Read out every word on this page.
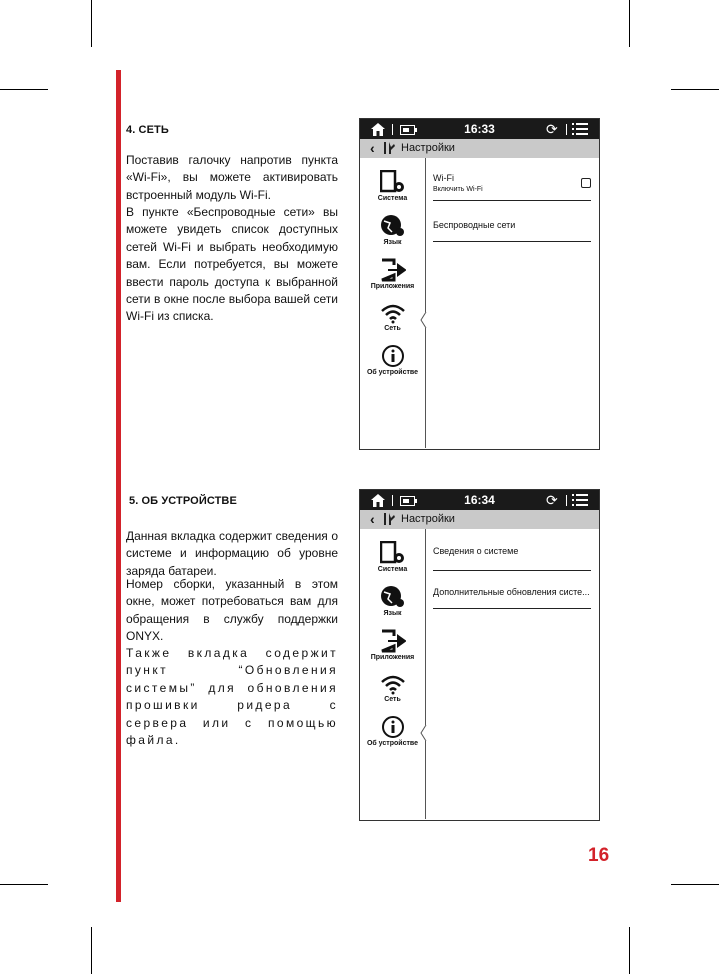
4. СЕТЬ
Поставив галочку напротив пункта «Wi-Fi», вы можете активировать встроенный модуль Wi-Fi.
В пункте «Беспроводные сети» вы можете увидеть список доступных сетей Wi-Fi и выбрать необходимую вам. Если потребуется, вы можете ввести пароль доступа к выбранной сети в окне после выбора вашей сети Wi-Fi из списка.
5. ОБ УСТРОЙСТВЕ
Данная вкладка содержит сведения о системе и информацию об уровне заряда батареи.
Номер сборки, указанный в этом окне, может потребоваться вам для обращения в службу поддержки ONYX.
Также вкладка содержит пункт “Обновления системы” для обновления прошивки ридера с сервера или с помощью файла.
16
16:33	⟳
‹ Настройки
Система
Язык
Приложения
Сеть
Об устройстве
Wi-Fi
Включить Wi-Fi
Беспроводные сети
16:34	⟳
‹ Настройки
Система
Язык
Приложения
Сеть
Об устройстве
Сведения о системе
Дополнительные обновления систе...
